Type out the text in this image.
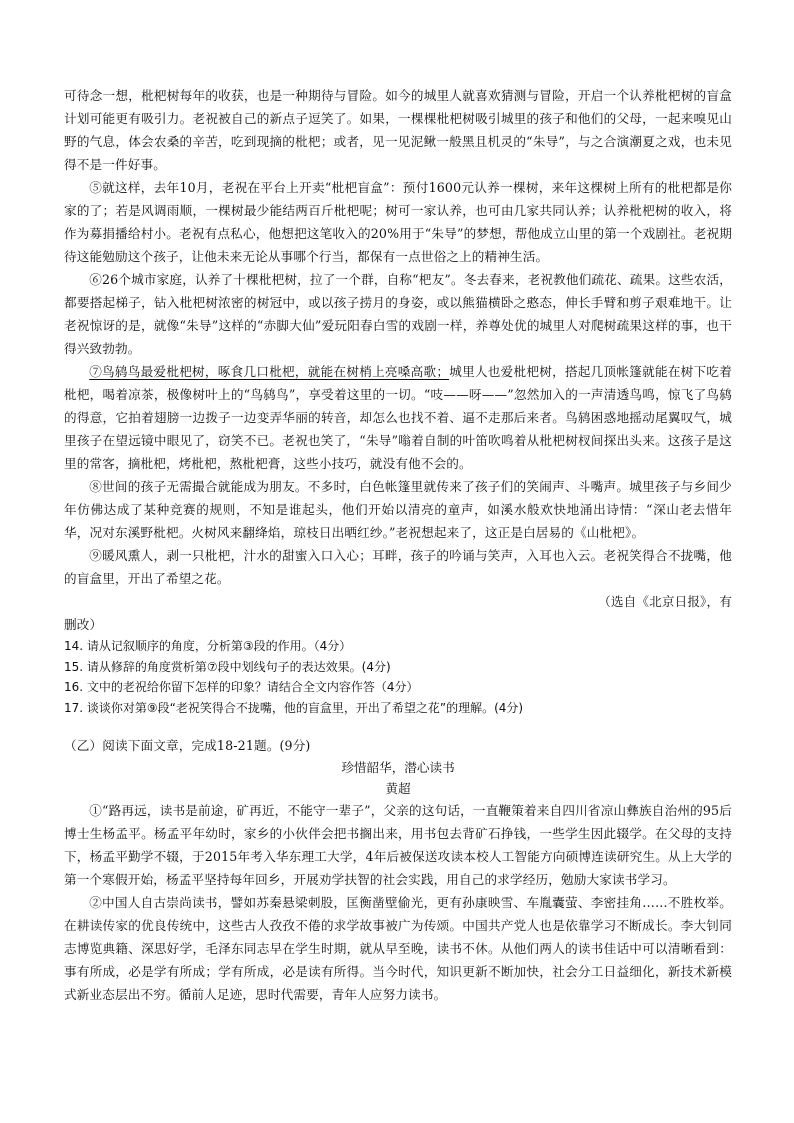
可待念一想，枇杷树每年的收获，也是一种期待与冒险。如今的城里人就喜欢猜测与冒险，开启一个认养枇杷树的盲盒计划可能更有吸引力。老祝被自己的新点子逗笑了。如果，一棵棵枇杷树吸引城里的孩子和他们的父母，一起来嗅见山野的气息，体会农桑的辛苦，吃到现摘的枇杷；或者，见一见泥鳅一般黑且机灵的“朱导”，与之合演潮夏之戏，也未见得不是一件好事。

⑤就这样，去年10月，老祝在平台上开卖“枇杷盲盒”：预付1600元认养一棵树，来年这棵树上所有的枇杷都是你家的了；若是风调雨顺，一棵树最少能结两百斤枇杷呢；树可一家认养，也可由几家共同认养；认养枇杷树的收入，将作为募捐播给村小。老祝有点私心，他想把这笔收入的20%用于“朱导”的梦想，帮他成立山里的第一个戏剧社。老祝期待这能勉励这个孩子，让他未来无论从事哪个行当，都保有一点世俗之上的精神生活。

⑥26个城市家庭，认养了十棵枇杷树，拉了一个群，自称“杷友”。冬去春来，老祝教他们疏花、疏果。这些农活，都要搭起梯子，钻入枇杷树浓密的树冠中，或以孩子捞月的身姿，或以熊猫横卧之憨态，伸长手臂和剪子艰难地干。让老祝惊讶的是，就像“朱导”这样的“赤脚大仙”爱玩阳春白雪的戏剧一样，养尊处优的城里人对爬树疏果这样的事，也干得兴致勃勃。

⑦鸟鸫鸟最爱枇杷树，啄食几口枇杷，就能在树梢上亮嗓高歌；城里人也爱枇杷树，搭起几顶帐篷就能在树下吃着枇杷，喝着凉茶，极像树叶上的“鸟鸫鸟”，享受着这里的一切。“吱——呀——”忽然加入的一声清透鸟鸣，惊飞了鸟鸫的得意，它拍着翅膀一边拨子一边变弄华丽的转音，却怎么也找不着、逼不走那后来者。鸟鸫困惑地摇动尾翼叹气，城里孩子在望远镜中眼见了，窃笑不已。老祝也笑了，“朱导”嗡着自制的叶笛吹鸣着从枇杷树杈间探出头来。这孩子是这里的常客，摘枇杷，烤枇杷，熬枇杷膏，这些小技巧，就没有他不会的。

⑧世间的孩子无需撮合就能成为朋友。不多时，白色帐篷里就传来了孩子们的笑闹声、斗嘴声。城里孩子与乡间少年仿佛达成了某种竞赛的规则，不知是谁起头，他们开始以清亮的童声，如溪水般欢快地涌出诗情：“深山老去惜年华，况对东溪野枇杷。火树风来翻绛焰，琼枝日出晒红纱。”老祝想起来了，这正是白居易的《山枇杷》。

⑨暖风熏人，剥一只枇杷，汁水的甜蜜入口入心；耳畔，孩子的吟诵与笑声，入耳也入云。老祝笑得合不拢嘴，他的盲盒里，开出了希望之花。

（选自《北京日报》，有

删改）

14. 请从记叙顺序的角度，分析第③段的作用。（4分）

15. 请从修辞的角度赏析第⑦段中划线句子的表达效果。(4分)

16. 文中的老祝给你留下怎样的印象？请结合全文内容作答（4分）

17. 谈谈你对第⑨段“老祝笑得合不拢嘴，他的盲盒里，开出了希望之花”的理解。(4分)

（乙）阅读下面文章，完成18-21题。(9分)

珍惜韶华，潜心读书

黄超

①“路再远，读书是前途，矿再近，不能守一辈子”，父亲的这句话，一直鞭策着来自四川省凉山彝族自治州的95后博士生杨孟平。杨孟平年幼时，家乡的小伙伴会把书搁出来，用书包去背矿石挣钱，一些学生因此辍学。在父母的支持下，杨孟平勤学不辍，于2015年考入华东理工大学，4年后被保送攻读本校人工智能方向硕博连读研究生。从上大学的第一个寒假开始，杨孟平坚持每年回乡，开展劝学扶智的社会实践，用自己的求学经历，勉励大家读书学习。

②中国人自古崇尚读书，譬如苏秦悬梁刺股，匡衡凿壁偷光，更有孙康映雪、车胤囊萤、李密挂角……不胜枚举。在耕读传家的优良传统中，这些古人孜孜不倦的求学故事被广为传颂。中国共产党人也是依靠学习不断成长。李大钊同志博览典籍、深思好学，毛泽东同志早在学生时期，就从早至晚，读书不休。从他们两人的读书佳话中可以清晰看到：事有所成，必是学有所成；学有所成，必是读有所得。当今时代，知识更新不断加快，社会分工日益细化，新技术新模式新业态层出不穷。循前人足迹，思时代需要，青年人应努力读书。
